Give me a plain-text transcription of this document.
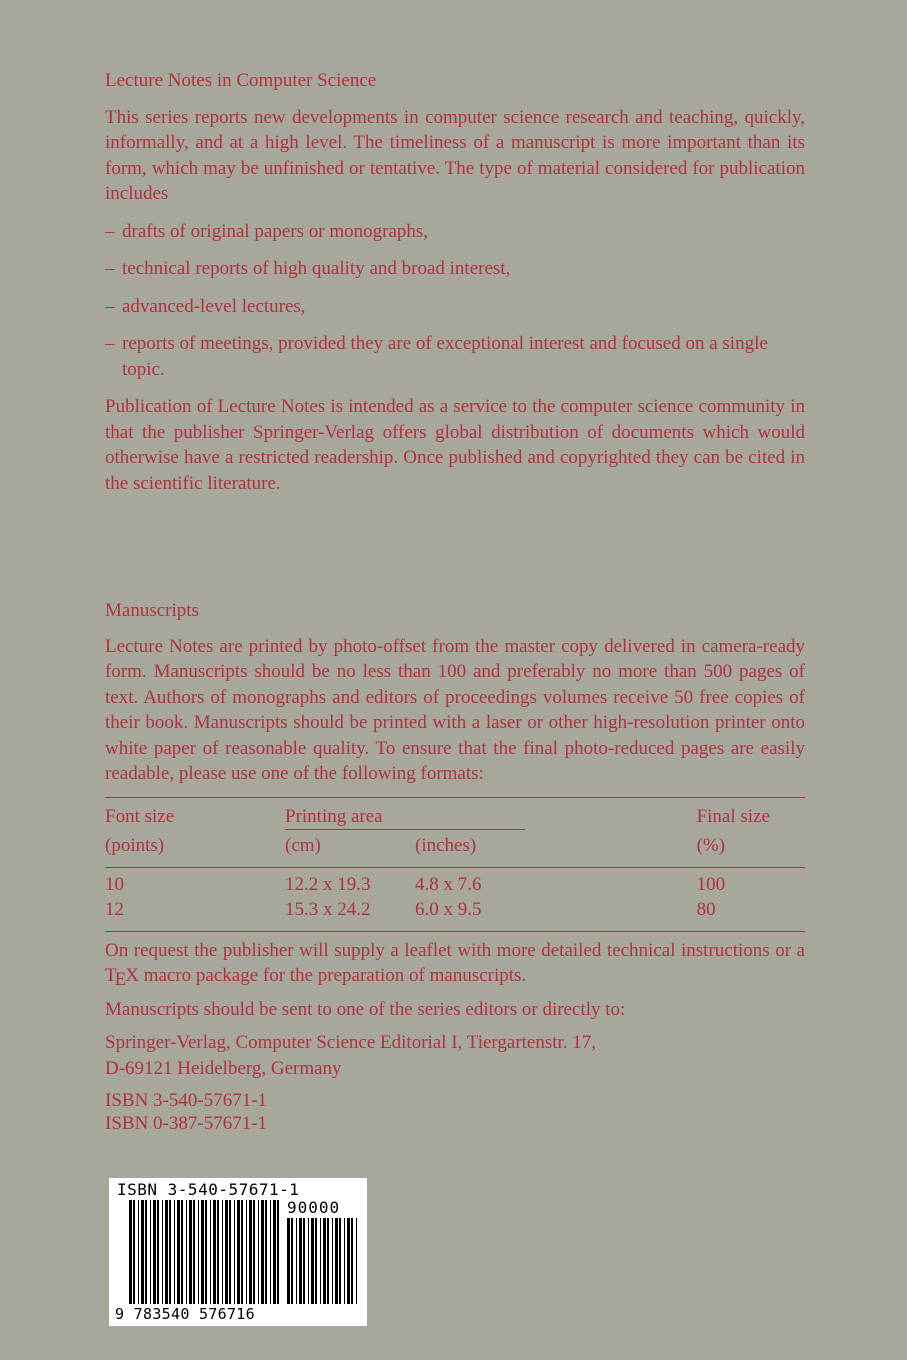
Lecture Notes in Computer Science

This series reports new developments in computer science research and teaching, quickly, informally, and at a high level. The timeliness of a manuscript is more important than its form, which may be unfinished or tentative. The type of material considered for publication includes

– drafts of original papers or monographs,
– technical reports of high quality and broad interest,
– advanced-level lectures,
– reports of meetings, provided they are of exceptional interest and focused on a single topic.

Publication of Lecture Notes is intended as a service to the computer science community in that the publisher Springer-Verlag offers global distribution of documents which would otherwise have a restricted readership. Once published and copyrighted they can be cited in the scientific literature.

Manuscripts

Lecture Notes are printed by photo-offset from the master copy delivered in camera-ready form. Manuscripts should be no less than 100 and preferably no more than 500 pages of text. Authors of monographs and editors of proceedings volumes receive 50 free copies of their book. Manuscripts should be printed with a laser or other high-resolution printer onto white paper of reasonable quality. To ensure that the final photo-reduced pages are easily readable, please use one of the following formats:

Font size	Printing area			Final size

(points)	(cm)	(inches)		(%)

10	12.2 x 19.3	4.8 x 7.6		100
12	15.3 x 24.2	6.0 x 9.5		80

On request the publisher will supply a leaflet with more detailed technical instructions or a TEX macro package for the preparation of manuscripts.

Manuscripts should be sent to one of the series editors or directly to:

Springer-Verlag, Computer Science Editorial I, Tiergartenstr. 17,
D-69121 Heidelberg, Germany
ISBN 3-540-57671-1
ISBN 0-387-57671-1
ISBN 3-540-57671-1
90000
9 783540 576716
